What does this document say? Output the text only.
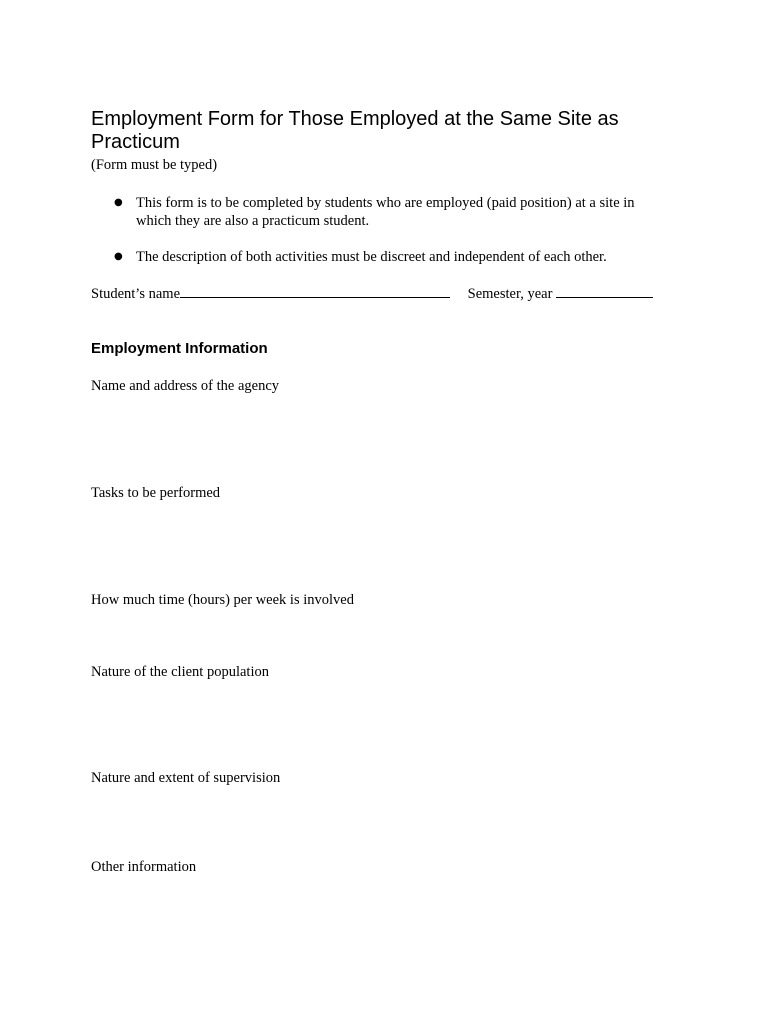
Employment Form for Those Employed at the Same Site as Practicum
(Form must be typed)
● This form is to be completed by students who are employed (paid position) at a site in which they are also a practicum student.
● The description of both activities must be discreet and independent of each other.
Student’s name	Semester, year
Employment Information
Name and address of the agency
Tasks to be performed
How much time (hours) per week is involved
Nature of the client population
Nature and extent of supervision
Other information
